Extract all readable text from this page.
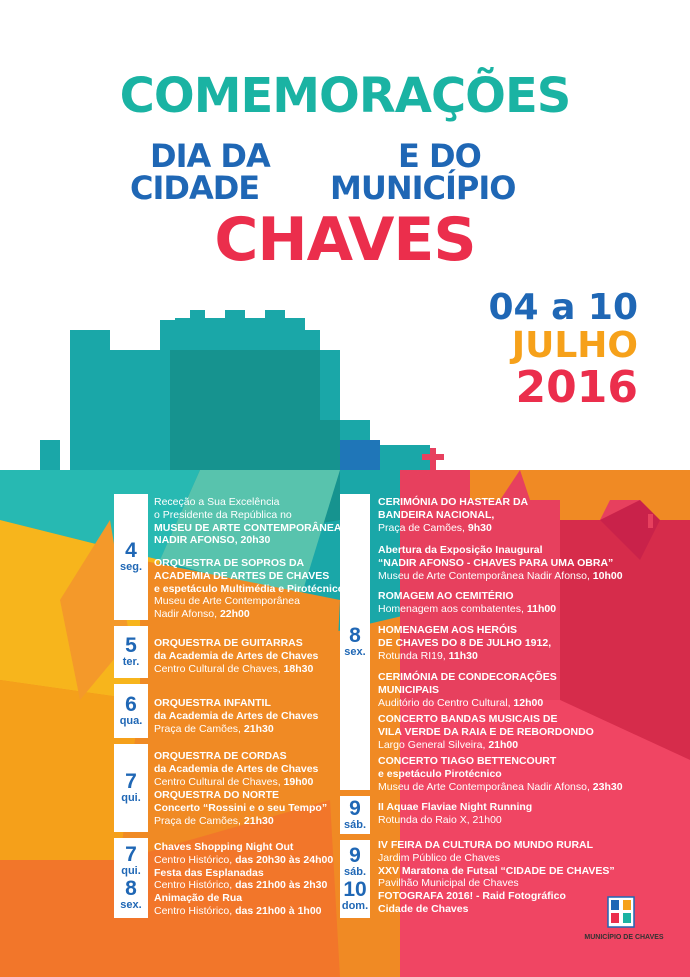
COMEMORAÇÕES
DIA DA
CIDADE
E DO
MUNICÍPIO
CHAVES
04 a 10
JULHO
2016
4
seg.
5
ter.
6
qua.
7
qui.
7
qui.
8
sex.
8
sex.
9
sáb.
9
sáb.
10
dom.
Receção a Sua Excelência
o Presidente da República no
MUSEU DE ARTE CONTEMPORÂNEA
NADIR AFONSO, 20h30
ORQUESTRA DE SOPROS DA
ACADEMIA DE ARTES DE CHAVES
e espetáculo Multimédia e Pirotécnico
Museu de Arte Contemporânea
Nadir Afonso, 22h00
ORQUESTRA DE GUITARRAS
da Academia de Artes de Chaves
Centro Cultural de Chaves, 18h30
ORQUESTRA INFANTIL
da Academia de Artes de Chaves
Praça de Camões, 21h30
ORQUESTRA DE CORDAS
da Academia de Artes de Chaves
Centro Cultural de Chaves, 19h00
ORQUESTRA DO NORTE
Concerto “Rossini e o seu Tempo”
Praça de Camões, 21h30
Chaves Shopping Night Out
Centro Histórico, das 20h30 às 24h00
Festa das Esplanadas
Centro Histórico, das 21h00 às 2h30
Animação de Rua
Centro Histórico, das 21h00 à 1h00
CERIMÓNIA DO HASTEAR DA
BANDEIRA NACIONAL,
Praça de Camões, 9h30
Abertura da Exposição Inaugural
“NADIR AFONSO - CHAVES PARA UMA OBRA”
Museu de Arte Contemporânea Nadir Afonso, 10h00
ROMAGEM AO CEMITÉRIO
Homenagem aos combatentes, 11h00
HOMENAGEM AOS HERÓIS
DE CHAVES DO 8 DE JULHO 1912,
Rotunda RI19, 11h30
CERIMÓNIA DE CONDECORAÇÕES
MUNICIPAIS
Auditório do Centro Cultural, 12h00
CONCERTO BANDAS MUSICAIS DE
VILA VERDE DA RAIA E DE REBORDONDO
Largo General Silveira, 21h00
CONCERTO TIAGO BETTENCOURT
e espetáculo Pirotécnico
Museu de Arte Contemporânea Nadir Afonso, 23h30
II Aquae Flaviae Night Running
Rotunda do Raio X, 21h00
IV FEIRA DA CULTURA DO MUNDO RURAL
Jardim Público de Chaves
XXV Maratona de Futsal “CIDADE DE CHAVES”
Pavilhão Municipal de Chaves
FOTOGRAFA 2016! - Raid Fotográfico
Cidade de Chaves
MUNICÍPIO DE CHAVES
